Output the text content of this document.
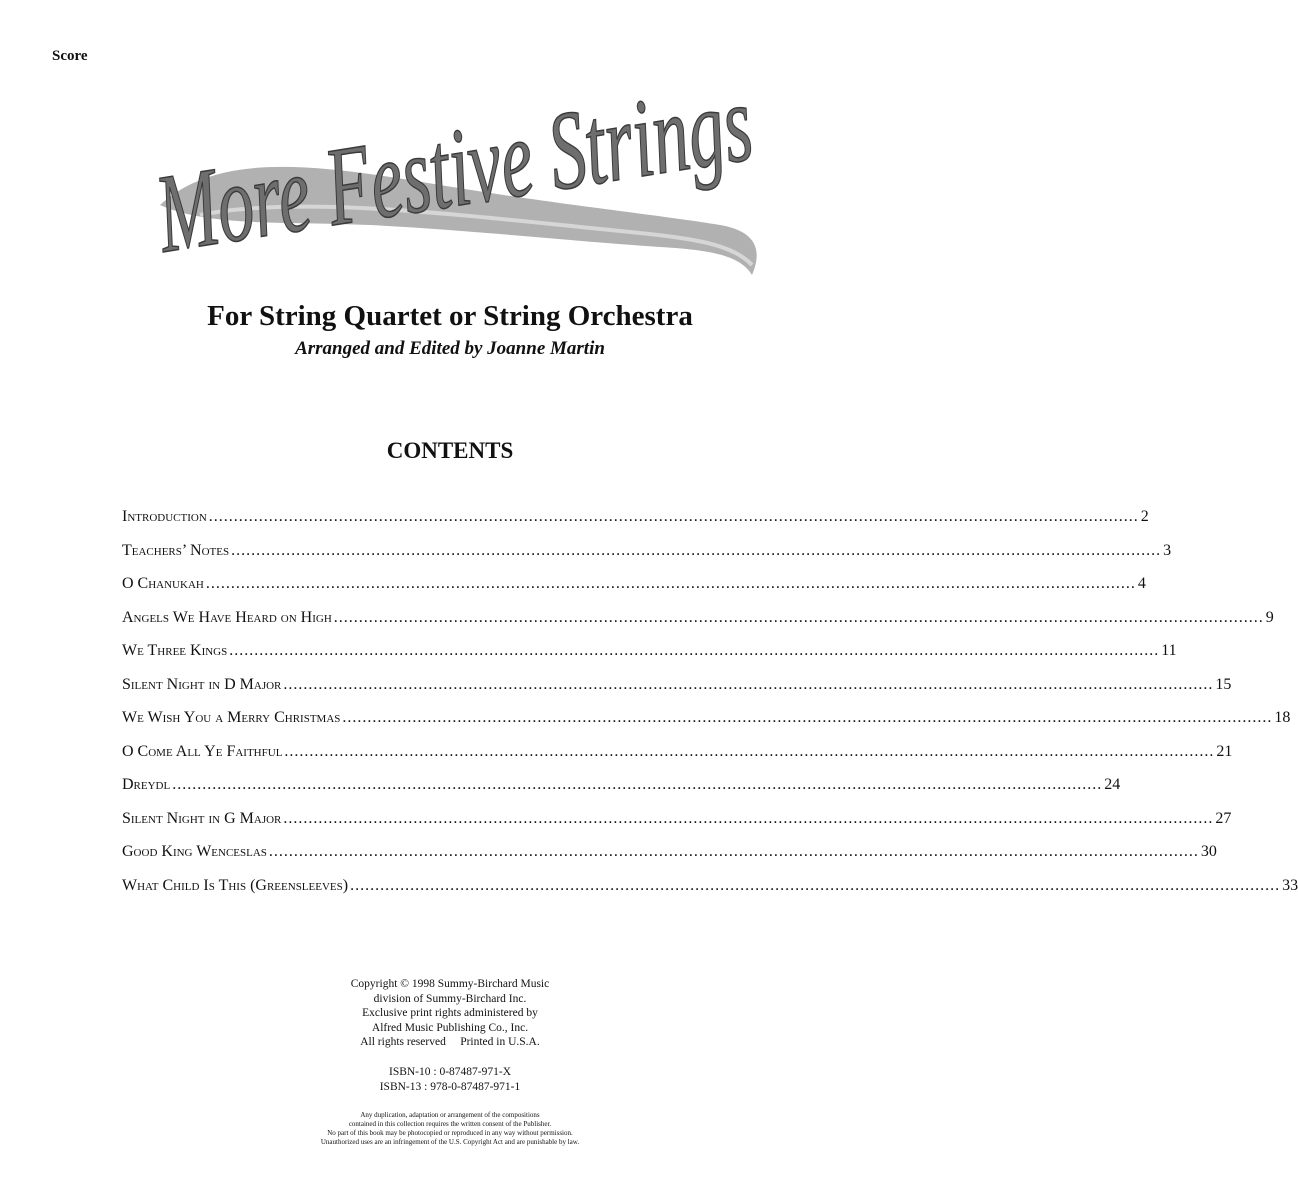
Score More Festive Strings
For String Quartet or String Orchestra
Arranged and Edited by Joanne Martin
CONTENTS
Introduction .....	2
Teachers’ Notes .....	3
O Chanukah .....	4
Angels We Have Heard on High .....	9
We Three Kings .....	11
Silent Night in D Major .....	15
We Wish You a Merry Christmas .....	18
O Come All Ye Faithful .....	21
Dreydl .....	24
Silent Night in G Major .....	27
Good King Wenceslas .....	30
What Child Is This (Greensleeves) .....	33
Copyright © 1998 Summy-Birchard Music
division of Summy-Birchard Inc.
Exclusive print rights administered by
Alfred Music Publishing Co., Inc.
All rights reserved     Printed in U.S.A.
ISBN-10 : 0-87487-971-X
ISBN-13 : 978-0-87487-971-1
Any duplication, adaptation or arrangement of the compositions
contained in this collection requires the written consent of the Publisher.
No part of this book may be photocopied or reproduced in any way without permission.
Unauthorized uses are an infringement of the U.S. Copyright Act and are punishable by law.
